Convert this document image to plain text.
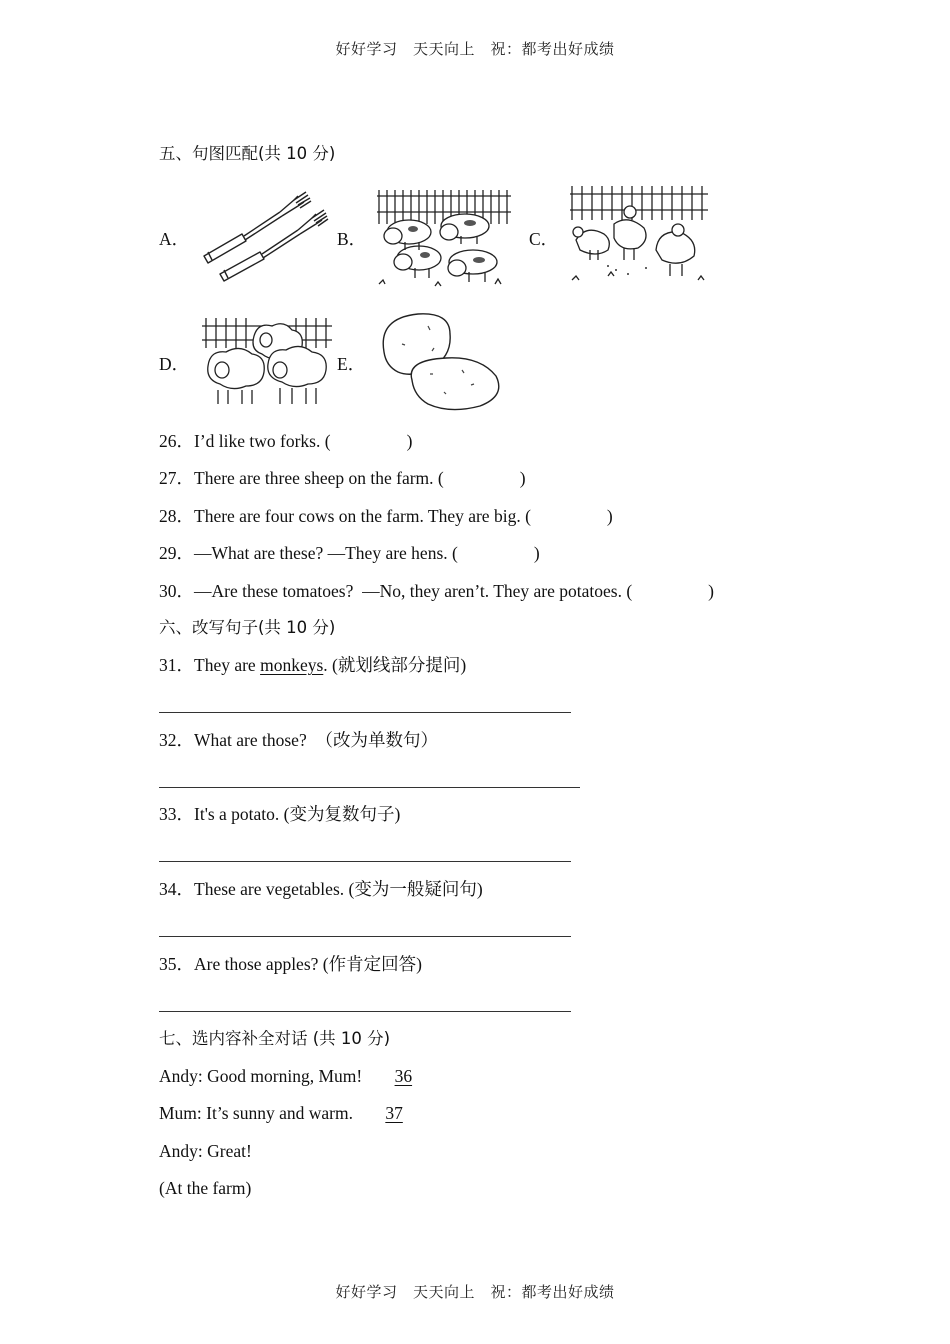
好好学习　天天向上　祝：都考出好成绩
五、句图匹配(共 10 分)
A．	B．	C．
D．	E．
26．I’d like two forks. (	)
27．There are three sheep on the farm. (	)
28．There are four cows on the farm. They are big. (	)
29．—What are these? —They are hens. (	)
30．—Are these tomatoes?  —No, they aren’t. They are potatoes. (	)
六、改写句子(共 10 分)
31．They are monkeys. (就划线部分提问)
32．What are those?  （改为单数句）
33．It's a potato. (变为复数句子)
34．These are vegetables. (变为一般疑问句)
35．Are those apples? (作肯定回答)
七、选内容补全对话 (共 10 分)
Andy: Good morning, Mum! 36
Mum: It’s sunny and warm. 37
Andy: Great!
(At the farm)
好好学习　天天向上　祝：都考出好成绩
